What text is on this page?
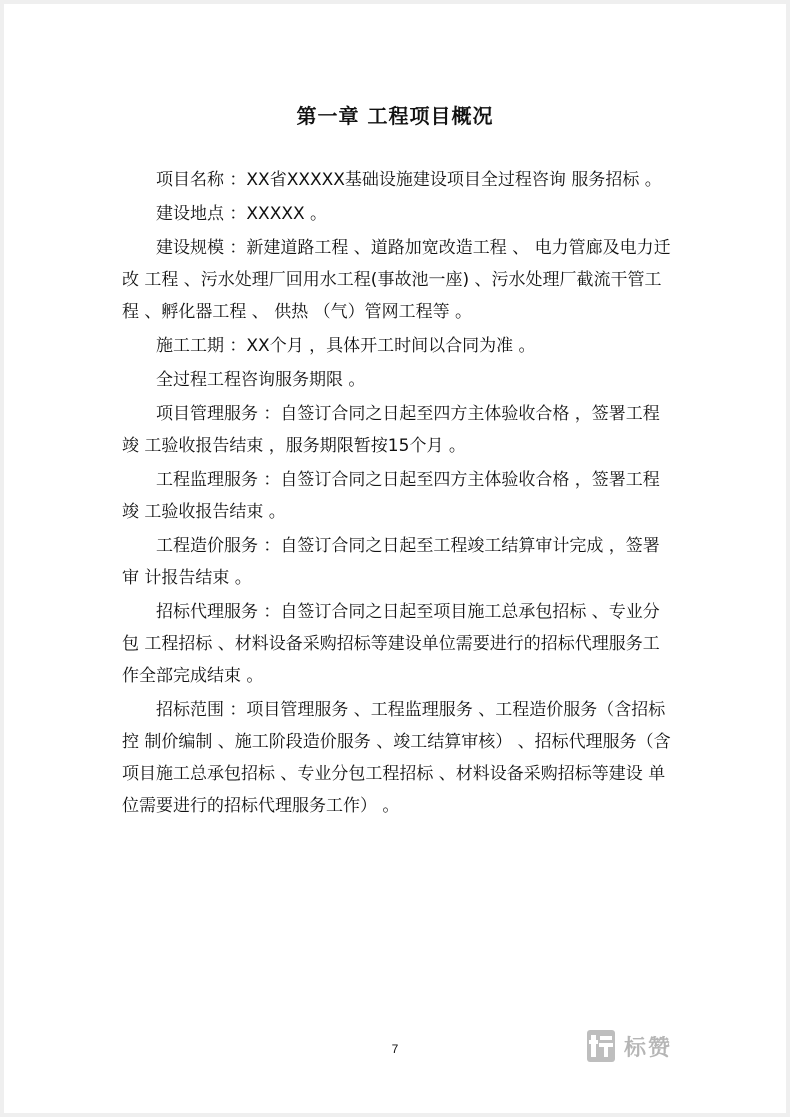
第一章 工程项目概况

项目名称 ：XX省XXXXX基础设施建设项目全过程咨询 服务招标 。

建设地点 ：XXXXX 。

建设规模 ：新建道路工程 、道路加宽改造工程 、 电力管廊及电力迁改 工程 、污水处理厂回用水工程(事故池一座) 、污水处理厂截流干管工 程 、孵化器工程 、 供热 （气）管网工程等 。

施工工期 ：XX个月 ，具体开工时间以合同为准 。

全过程工程咨询服务期限 。

项目管理服务 ：自签订合同之日起至四方主体验收合格 ，签署工程竣 工验收报告结束 ，服务期限暂按15个月 。

工程监理服务 ：自签订合同之日起至四方主体验收合格 ，签署工程竣 工验收报告结束 。

工程造价服务 ：自签订合同之日起至工程竣工结算审计完成 ，签署审 计报告结束 。

招标代理服务 ：自签订合同之日起至项目施工总承包招标 、专业分包 工程招标 、材料设备采购招标等建设单位需要进行的招标代理服务工 作全部完成结束 。

招标范围 ：项目管理服务 、工程监理服务 、工程造价服务（含招标控 制价编制 、施工阶段造价服务 、竣工结算审核） 、招标代理服务（含 项目施工总承包招标 、专业分包工程招标 、材料设备采购招标等建设 单位需要进行的招标代理服务工作） 。

7	标赞
